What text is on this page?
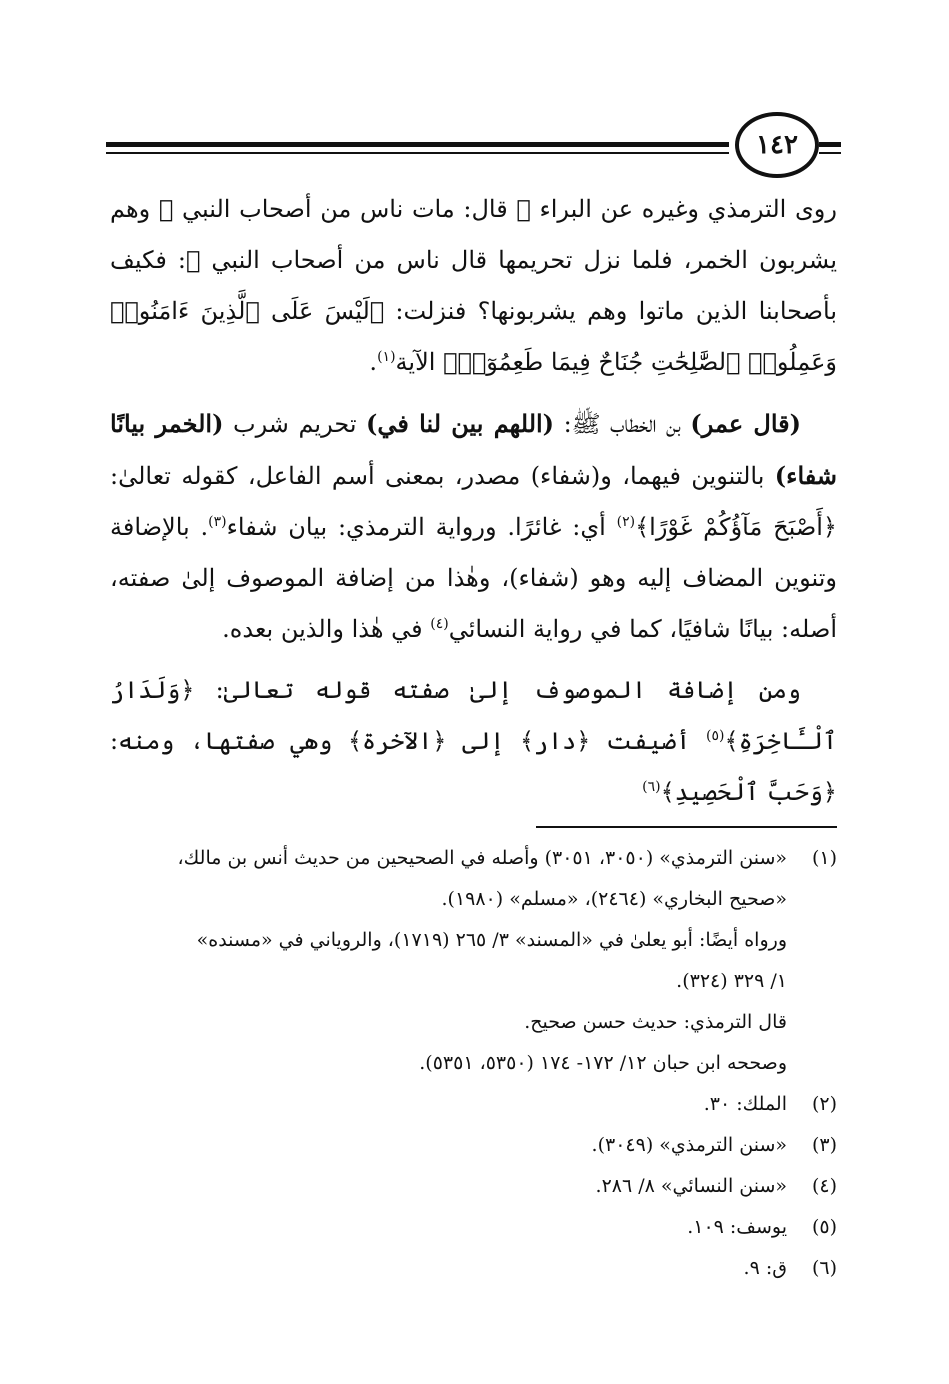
١٤٢

روى الترمذي وغيره عن البراء ﷺ قال: مات ناس من أصحاب النبي ﷺ وهم يشربون الخمر، فلما نزل تحريمها قال ناس من أصحاب النبي ﷺ: فكيف بأصحابنا الذين ماتوا وهم يشربونها؟ فنزلت: ﴿لَيْسَ عَلَى ٱلَّذِينَ ءَامَنُوا۟ وَعَمِلُوا۟ ٱلصَّٰلِحَٰتِ جُنَاحٌ فِيمَا طَعِمُوٓا۟﴾ الآية$^{(١)}$.

(قال عمر) بن الخطاب ﷺ: (اللهم بين لنا في) تحريم شرب (الخمر بيانًا شفاء) بالتنوين فيهما، و(شفاء) مصدر، بمعنى أسم الفاعل، كقوله تعالىٰ: ﴿أَصْبَحَ مَآؤُكُمْ غَوْرًا﴾$^{(٢)}$ أي: غائرًا. ورواية الترمذي: بيان شفاء$^{(٣)}$. بالإضافة وتنوين المضاف إليه وهو (شفاء)، وهٰذا من إضافة الموصوف إلىٰ صفته، أصله: بيانًا شافيًا، كما في رواية النسائي$^{(٤)}$ في هٰذا والذين بعده.

ومن إضافة الموصوف إلىٰ صفته قوله تعالىٰ: ﴿وَلَدَارُ ٱلْـَٔاخِرَةِ﴾$^{(٥)}$ أضيفت ﴿دار﴾ إلى ﴿الآخرة﴾ وهي صفتها، ومنه: ﴿وَحَبَّ ٱلْحَصِيدِ﴾$^{(٦)}$

(١)
«سنن الترمذي» (٣٠٥٠، ٣٠٥١) وأصله في الصحيحين من حديث أنس بن مالك،
«صحيح البخاري» (٢٤٦٤)، «مسلم» (١٩٨٠).
ورواه أيضًا: أبو يعلىٰ في «المسند» ٣/ ٢٦٥ (١٧١٩)، والروياني في «مسنده»
١/ ٣٢٩ (٣٢٤).
قال الترمذي: حديث حسن صحيح.
وصححه ابن حبان ١٢/ ١٧٢- ١٧٤ (٥٣٥٠، ٥٣٥١).
(٢)
الملك: ٣٠.
(٣)
«سنن الترمذي» (٣٠٤٩).
(٤)
«سنن النسائي» ٨/ ٢٨٦.
(٥)
يوسف: ١٠٩.
(٦)
ق: ٩.
